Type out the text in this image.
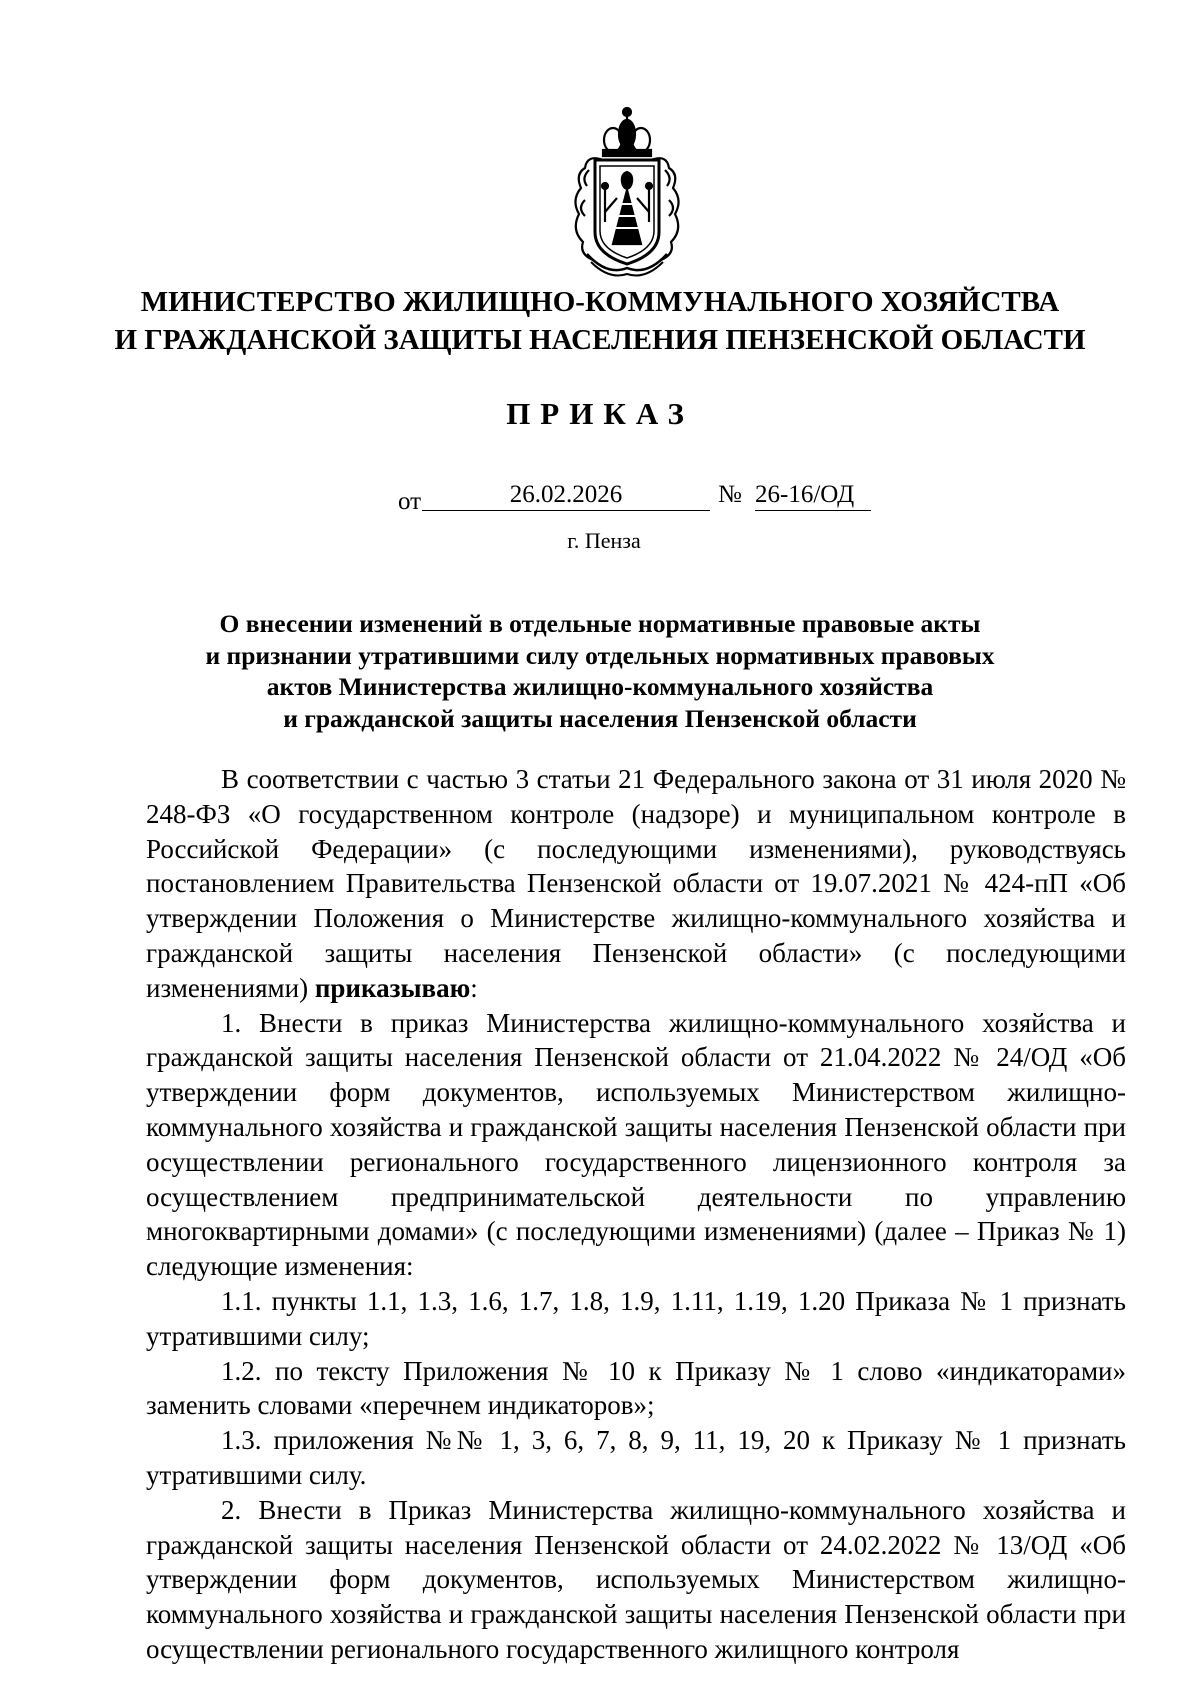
МИНИСТЕРСТВО ЖИЛИЩНО-КОММУНАЛЬНОГО ХОЗЯЙСТВА
И ГРАЖДАНСКОЙ ЗАЩИТЫ НАСЕЛЕНИЯ ПЕНЗЕНСКОЙ ОБЛАСТИ
ПРИКАЗ
от	26.02.2026	№ 26-16/ОД
г. Пенза
О внесении изменений в отдельные нормативные правовые акты
и признании утратившими силу отдельных нормативных правовых
актов Министерства жилищно-коммунального хозяйства
и гражданской защиты населения Пензенской области

В соответствии с частью 3 статьи 21 Федерального закона от 31 июля 2020 № 248-ФЗ «О государственном контроле (надзоре) и муниципальном контроле в Российской Федерации» (с последующими изменениями), руководствуясь постановлением Правительства Пензенской области от 19.07.2021 № 424-пП «Об утверждении Положения о Министерстве жилищно-коммунального хозяйства и гражданской защиты населения Пензенской области» (с последующими изменениями) приказываю:

1. Внести в приказ Министерства жилищно-коммунального хозяйства и гражданской защиты населения Пензенской области от 21.04.2022 № 24/ОД «Об утверждении форм документов, используемых Министерством жилищно-коммунального хозяйства и гражданской защиты населения Пензенской области при осуществлении регионального государственного лицензионного контроля за осуществлением предпринимательской деятельности по управлению многоквартирными домами» (с последующими изменениями) (далее – Приказ № 1) следующие изменения:

1.1. пункты 1.1, 1.3, 1.6, 1.7, 1.8, 1.9, 1.11, 1.19, 1.20 Приказа № 1 признать утратившими силу;

1.2. по тексту Приложения № 10 к Приказу № 1 слово «индикаторами» заменить словами «перечнем индикаторов»;

1.3. приложения №№ 1, 3, 6, 7, 8, 9, 11, 19, 20 к Приказу № 1 признать утратившими силу.

2. Внести в Приказ Министерства жилищно-коммунального хозяйства и гражданской защиты населения Пензенской области от 24.02.2022 № 13/ОД «Об утверждении форм документов, используемых Министерством жилищно-коммунального хозяйства и гражданской защиты населения Пензенской области при осуществлении регионального государственного жилищного контроля
